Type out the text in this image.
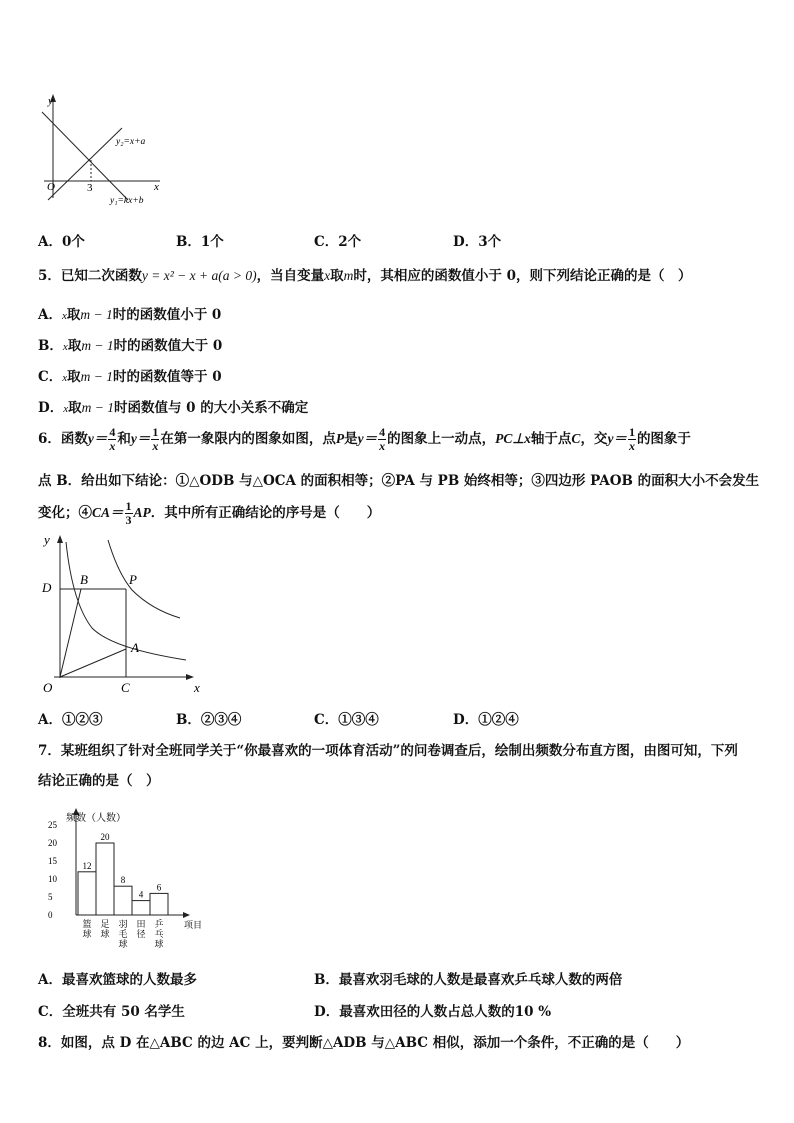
y
x
O	3
y₂=x+a
y₁=kx+b
A．0个	B．1个	C．2个	D．3个
5．已知二次函数y = x² − x + a(a > 0)，当自变量x取m时，其相应的函数值小于 0，则下列结论正确的是（　）
A．x取m − 1时的函数值小于 0
B．x取m − 1时的函数值大于 0
C．x取m − 1时的函数值等于 0
D．x取m − 1时函数值与 0 的大小关系不确定
6．函数$y= \frac{4}{x}$ 和$y= \frac{1}{x}$ 在第一象限内的图象如图，点P是$y= \frac{4}{x}$ 的图象上一动点，PC⊥x轴于点C，交$y= \frac{1}{x}$ 的图象于
点 B．给出如下结论：①△ODB 与△OCA 的面积相等；②PA 与 PB 始终相等；③四边形 PAOB 的面积大小不会发生
变化；④CA＝ $\frac{1}{3}$ AP．其中所有正确结论的序号是（　　）
y
x
O
D
B	P
A
C
A．①②③	B．②③④	C．①③④	D．①②④
7．某班组织了针对全班同学关于“你最喜欢的一项体育活动”的问卷调查后，绘制出频数分布直方图，由图可知，下列
结论正确的是（　）
频数（人数）
项目
0
5
10
15
20
25
12
篮
球
20
足
球
8
羽
毛
球
4
田
径
6
乒
乓
球
A．最喜欢篮球的人数最多	B．最喜欢羽毛球的人数是最喜欢乒乓球人数的两倍
C．全班共有 50 名学生	D．最喜欢田径的人数占总人数的10 %
8．如图，点 D 在△ABC 的边 AC 上，要判断△ADB 与△ABC 相似，添加一个条件，不正确的是（　　）
